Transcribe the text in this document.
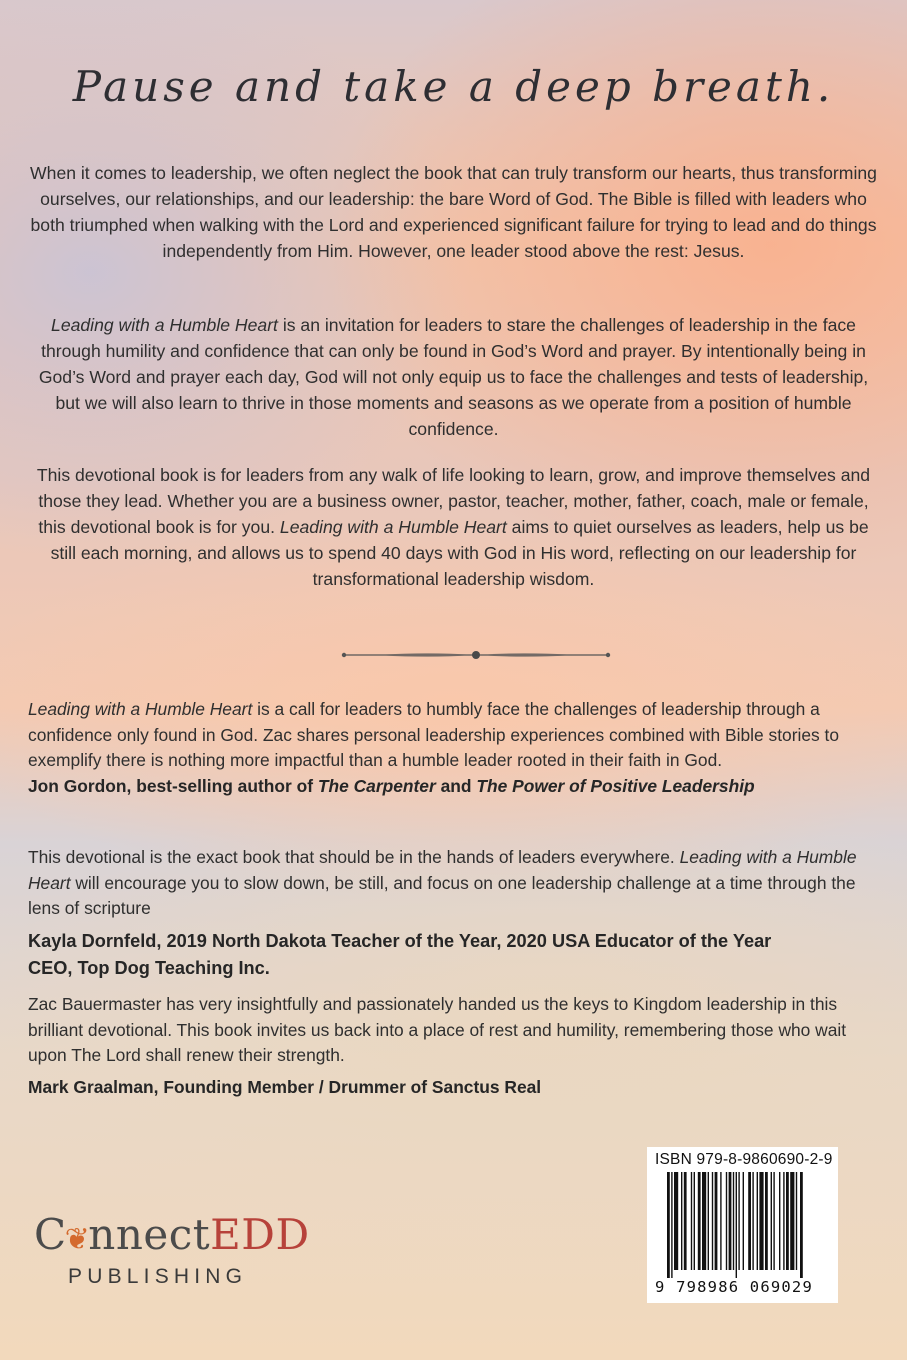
Pause and take a deep breath.

When it comes to leadership, we often neglect the book that can truly transform our hearts, thus transforming ourselves, our relationships, and our leadership: the bare Word of God. The Bible is filled with leaders who both triumphed when walking with the Lord and experienced significant failure for trying to lead and do things independently from Him. However, one leader stood above the rest: Jesus.

Leading with a Humble Heart is an invitation for leaders to stare the challenges of leadership in the face through humility and confidence that can only be found in God’s Word and prayer. By intentionally being in God’s Word and prayer each day, God will not only equip us to face the challenges and tests of leadership, but we will also learn to thrive in those moments and seasons as we operate from a position of humble confidence.

This devotional book is for leaders from any walk of life looking to learn, grow, and improve themselves and those they lead. Whether you are a business owner, pastor, teacher, mother, father, coach, male or female, this devotional book is for you. Leading with a Humble Heart aims to quiet ourselves as leaders, help us be still each morning, and allows us to spend 40 days with God in His word, reflecting on our leadership for transformational leadership wisdom.

Leading with a Humble Heart is a call for leaders to humbly face the challenges of leadership through a confidence only found in God. Zac shares personal leadership experiences combined with Bible stories to exemplify there is nothing more impactful than a humble leader rooted in their faith in God.
Jon Gordon, best-selling author of The Carpenter and The Power of Positive Leadership

This devotional is the exact book that should be in the hands of leaders everywhere. Leading with a Humble Heart will encourage you to slow down, be still, and focus on one leadership challenge at a time through the lens of scripture
Kayla Dornfeld, 2019 North Dakota Teacher of the Year, 2020 USA Educator of the Year
CEO, Top Dog Teaching Inc.

Zac Bauermaster has very insightfully and passionately handed us the keys to Kingdom leadership in this brilliant devotional. This book invites us back into a place of rest and humility, remembering those who wait upon The Lord shall renew their strength.
Mark Graalman, Founding Member / Drummer of Sanctus Real

C❦nnectEDD
PUBLISHING
ISBN 979-8-9860690-2-9
9 798986 069029
